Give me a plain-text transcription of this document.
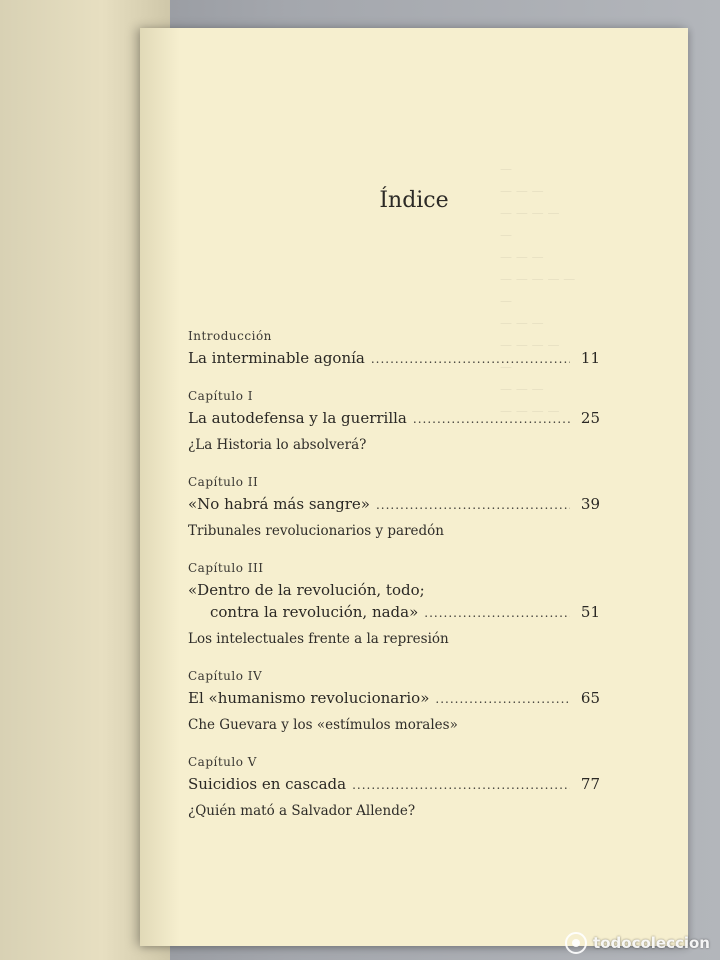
—
— — —
— — — —
—
— — —
— — — — —
—
— — —
— — — —
—
— — —
— — — —
Índice
Introducción
La interminable agonía .....	11
Capítulo I
La autodefensa y la guerrilla .....	25
¿La Historia lo absolverá?
Capítulo II
«No habrá más sangre» .....	39
Tribunales revolucionarios y paredón
Capítulo III
«Dentro de la revolución, todo;
contra la revolución, nada» .....	51
Los intelectuales frente a la represión
Capítulo IV
El «humanismo revolucionario» .....	65
Che Guevara y los «estímulos morales»
Capítulo V
Suicidios en cascada .....	77
¿Quién mató a Salvador Allende?
todocoleccion
